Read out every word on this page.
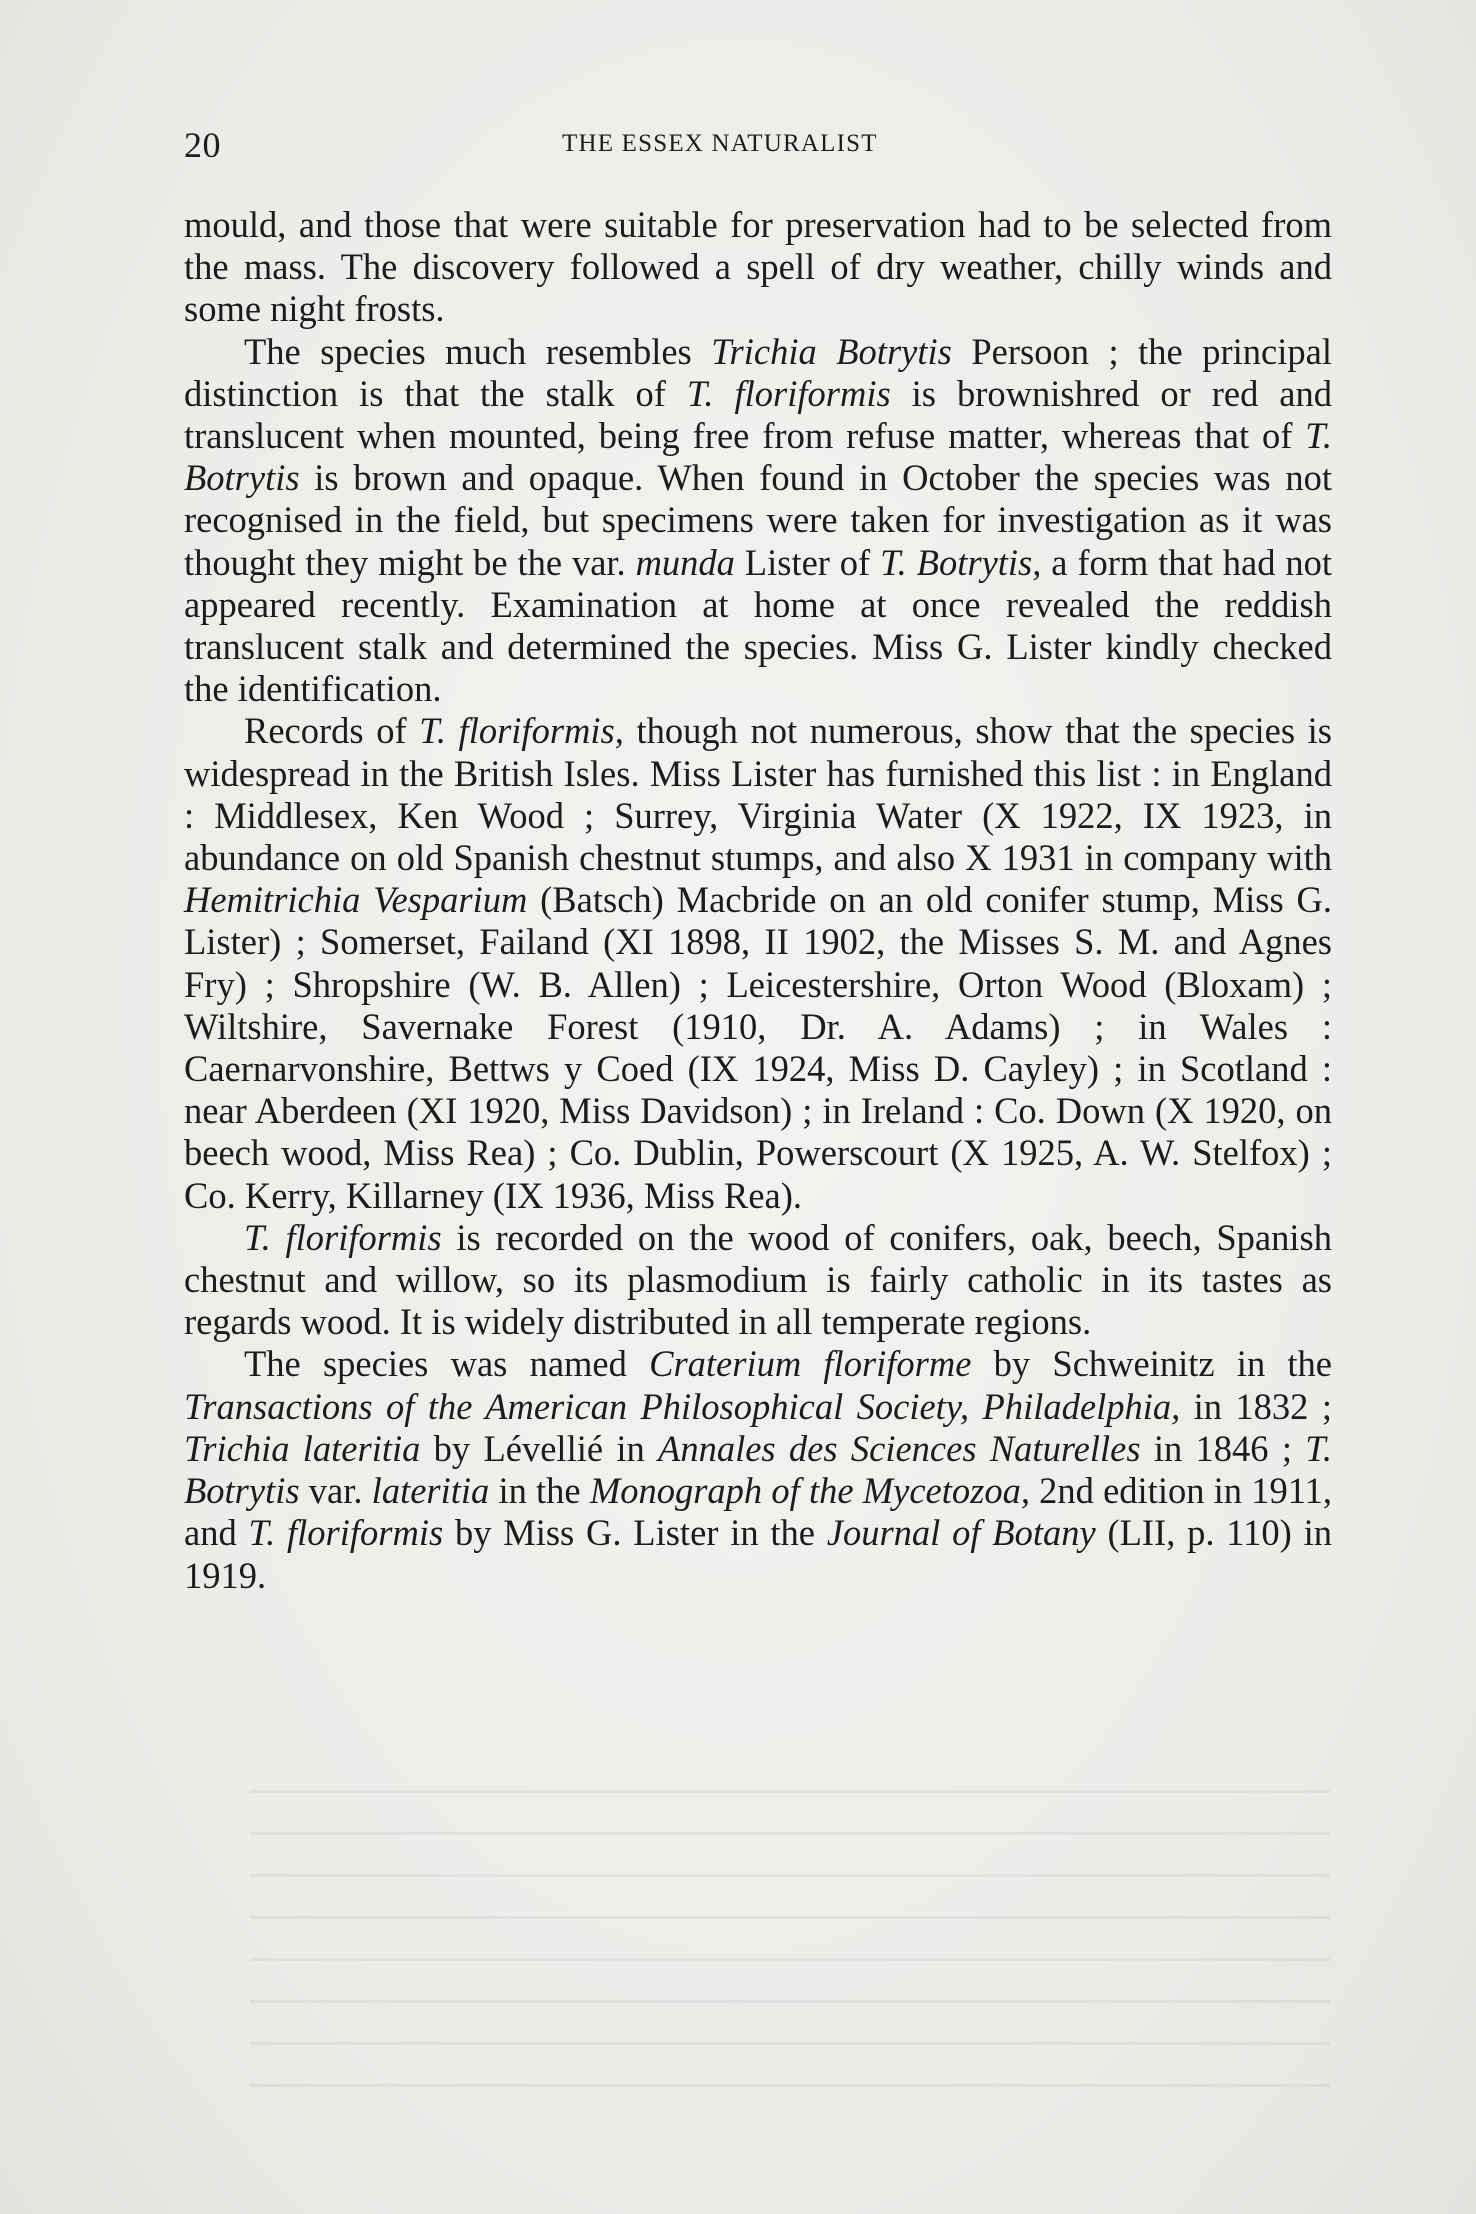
20	THE ESSEX NATURALIST

mould, and those that were suitable for preservation had to be selected from the mass. The discovery followed a spell of dry weather, chilly winds and some night frosts.

The species much resembles Trichia Botrytis Persoon ; the principal distinction is that the stalk of T. floriformis is brownishred or red and translucent when mounted, being free from refuse matter, whereas that of T. Botrytis is brown and opaque. When found in October the species was not recognised in the field, but specimens were taken for investigation as it was thought they might be the var. munda Lister of T. Botrytis, a form that had not appeared recently. Examination at home at once revealed the reddish translucent stalk and determined the species. Miss G. Lister kindly checked the identification.

Records of T. floriformis, though not numerous, show that the species is widespread in the British Isles. Miss Lister has furnished this list : in England : Middlesex, Ken Wood ; Surrey, Virginia Water (X 1922, IX 1923, in abundance on old Spanish chestnut stumps, and also X 1931 in company with Hemitrichia Vesparium (Batsch) Macbride on an old conifer stump, Miss G. Lister) ; Somerset, Failand (XI 1898, II 1902, the Misses S. M. and Agnes Fry) ; Shropshire (W. B. Allen) ; Leicestershire, Orton Wood (Bloxam) ; Wiltshire, Savernake Forest (1910, Dr. A. Adams) ; in Wales : Caernarvonshire, Bettws y Coed (IX 1924, Miss D. Cayley) ; in Scotland : near Aberdeen (XI 1920, Miss Davidson) ; in Ireland : Co. Down (X 1920, on beech wood, Miss Rea) ; Co. Dublin, Powerscourt (X 1925, A. W. Stelfox) ; Co. Kerry, Killarney (IX 1936, Miss Rea).

T. floriformis is recorded on the wood of conifers, oak, beech, Spanish chestnut and willow, so its plasmodium is fairly catholic in its tastes as regards wood. It is widely distributed in all temperate regions.

The species was named Craterium floriforme by Schweinitz in the Transactions of the American Philosophical Society, Philadelphia, in 1832 ; Trichia lateritia by Lévellié in Annales des Sciences Naturelles in 1846 ; T. Botrytis var. lateritia in the Monograph of the Mycetozoa, 2nd edition in 1911, and T. floriformis by Miss G. Lister in the Journal of Botany (LII, p. 110) in 1919.
